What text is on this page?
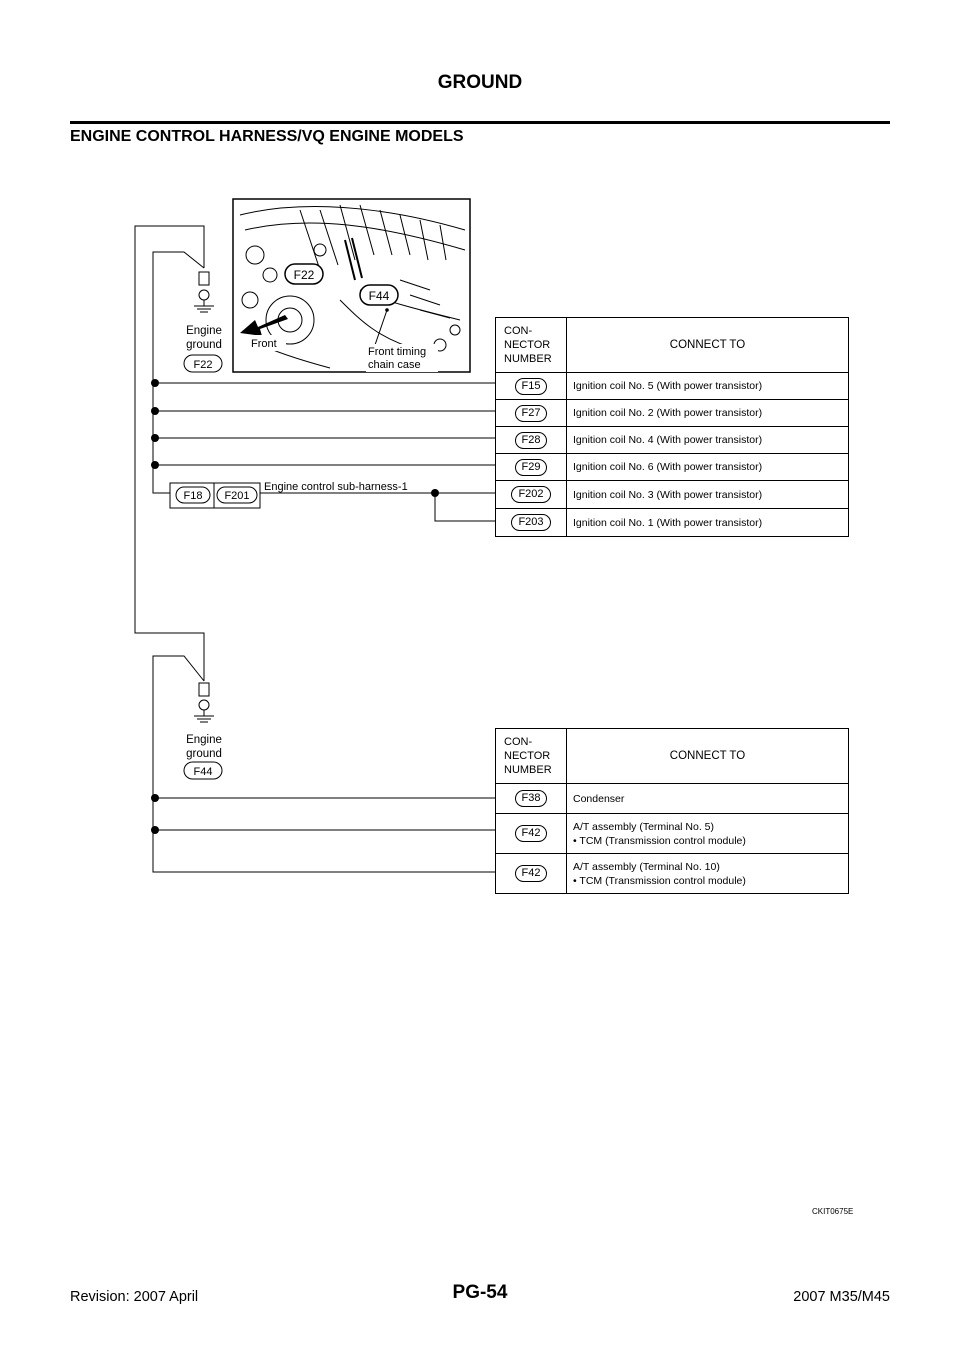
GROUND
ENGINE CONTROL HARNESS/VQ ENGINE MODELS
F22
F44
Front
Front timing
chain case
Engine
ground
F22
Engine
ground
F44
F18 F201
Engine control sub-harness-1
CKIT0675E
CON-
NECTOR
NUMBER	CONNECT TO
F15	Ignition coil No. 5 (With power transistor)
F27	Ignition coil No. 2 (With power transistor)
F28	Ignition coil No. 4 (With power transistor)
F29	Ignition coil No. 6 (With power transistor)
F202	Ignition coil No. 3 (With power transistor)
F203	Ignition coil No. 1 (With power transistor)
CON-
NECTOR
NUMBER	CONNECT TO
F38	Condenser

F42	A/T assembly (Terminal No. 5)
• TCM (Transmission control module)

F42	A/T assembly (Terminal No. 10)
• TCM (Transmission control module)
Revision: 2007 April	PG-54	2007 M35/M45
